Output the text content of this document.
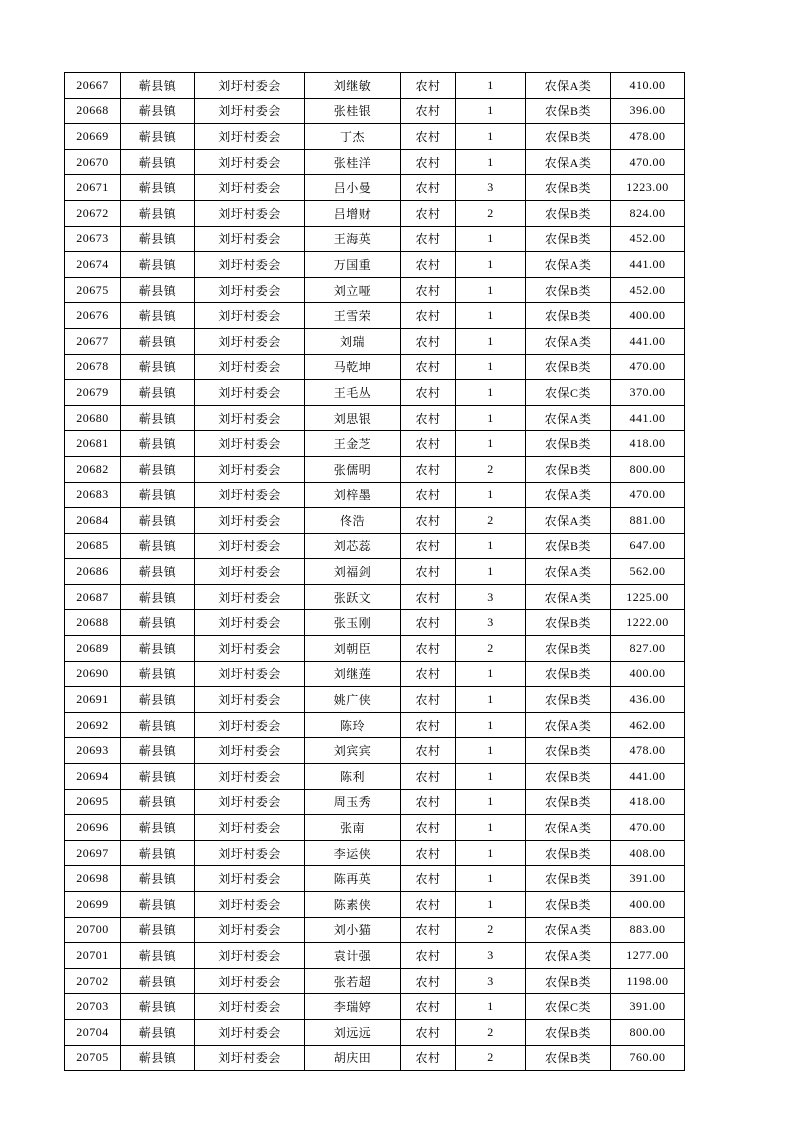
20667	蕲县镇	刘圩村委会	刘继敏	农村	1	农保A类	410.00
20668	蕲县镇	刘圩村委会	张桂银	农村	1	农保B类	396.00
20669	蕲县镇	刘圩村委会	丁杰	农村	1	农保B类	478.00
20670	蕲县镇	刘圩村委会	张桂洋	农村	1	农保A类	470.00
20671	蕲县镇	刘圩村委会	吕小曼	农村	3	农保B类	1223.00
20672	蕲县镇	刘圩村委会	吕增财	农村	2	农保B类	824.00
20673	蕲县镇	刘圩村委会	王海英	农村	1	农保B类	452.00
20674	蕲县镇	刘圩村委会	万国重	农村	1	农保A类	441.00
20675	蕲县镇	刘圩村委会	刘立哑	农村	1	农保B类	452.00
20676	蕲县镇	刘圩村委会	王雪荣	农村	1	农保B类	400.00
20677	蕲县镇	刘圩村委会	刘瑞	农村	1	农保A类	441.00
20678	蕲县镇	刘圩村委会	马乾坤	农村	1	农保B类	470.00
20679	蕲县镇	刘圩村委会	王毛丛	农村	1	农保C类	370.00
20680	蕲县镇	刘圩村委会	刘思银	农村	1	农保A类	441.00
20681	蕲县镇	刘圩村委会	王金芝	农村	1	农保B类	418.00
20682	蕲县镇	刘圩村委会	张儒明	农村	2	农保B类	800.00
20683	蕲县镇	刘圩村委会	刘梓墨	农村	1	农保A类	470.00
20684	蕲县镇	刘圩村委会	佟浩	农村	2	农保A类	881.00
20685	蕲县镇	刘圩村委会	刘芯蕊	农村	1	农保B类	647.00
20686	蕲县镇	刘圩村委会	刘福剑	农村	1	农保A类	562.00
20687	蕲县镇	刘圩村委会	张跃文	农村	3	农保A类	1225.00
20688	蕲县镇	刘圩村委会	张玉刚	农村	3	农保B类	1222.00
20689	蕲县镇	刘圩村委会	刘朝臣	农村	2	农保B类	827.00
20690	蕲县镇	刘圩村委会	刘继莲	农村	1	农保B类	400.00
20691	蕲县镇	刘圩村委会	姚广侠	农村	1	农保B类	436.00
20692	蕲县镇	刘圩村委会	陈玲	农村	1	农保A类	462.00
20693	蕲县镇	刘圩村委会	刘宾宾	农村	1	农保B类	478.00
20694	蕲县镇	刘圩村委会	陈利	农村	1	农保B类	441.00
20695	蕲县镇	刘圩村委会	周玉秀	农村	1	农保B类	418.00
20696	蕲县镇	刘圩村委会	张南	农村	1	农保A类	470.00
20697	蕲县镇	刘圩村委会	李运侠	农村	1	农保B类	408.00
20698	蕲县镇	刘圩村委会	陈再英	农村	1	农保B类	391.00
20699	蕲县镇	刘圩村委会	陈素侠	农村	1	农保B类	400.00
20700	蕲县镇	刘圩村委会	刘小猫	农村	2	农保A类	883.00
20701	蕲县镇	刘圩村委会	袁计强	农村	3	农保A类	1277.00
20702	蕲县镇	刘圩村委会	张若超	农村	3	农保B类	1198.00
20703	蕲县镇	刘圩村委会	李瑞婷	农村	1	农保C类	391.00
20704	蕲县镇	刘圩村委会	刘远远	农村	2	农保B类	800.00
20705	蕲县镇	刘圩村委会	胡庆田	农村	2	农保B类	760.00
